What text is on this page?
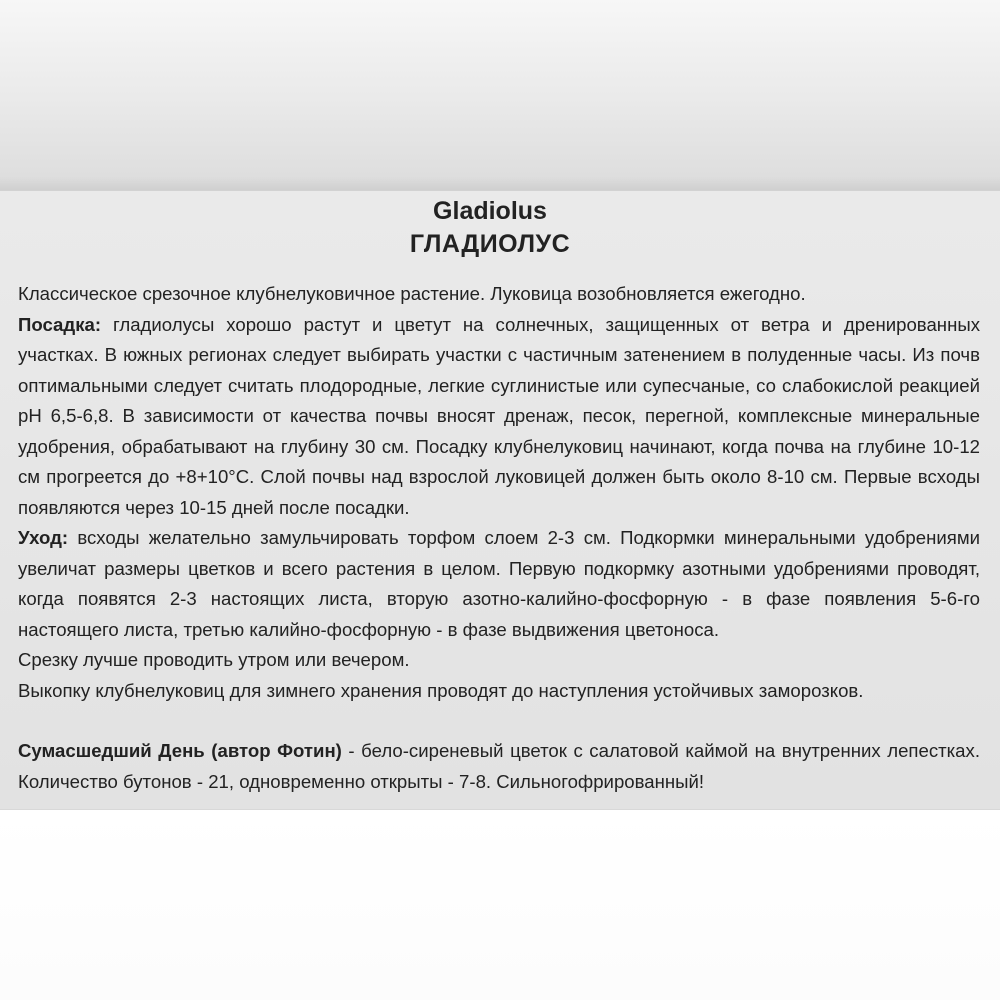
Gladiolus
ГЛАДИОЛУС

Классическое срезочное клубнелуковичное растение. Луковица возобновляется ежегодно.

Посадка: гладиолусы хорошо растут и цветут на солнечных, защищенных от ветра и дренированных участках. В южных регионах следует выбирать участки с частичным затенением в полуденные часы. Из почв оптимальными следует считать плодородные, легкие суглинистые или супесчаные, со слабокислой реакцией рН 6,5-6,8. В зависимости от качества почвы вносят дренаж, песок, перегной, комплексные минеральные удобрения, обрабатывают на глубину 30 см. Посадку клубнелуковиц начинают, когда почва на глубине 10-12 см прогреется до +8+10°С. Слой почвы над взрослой луковицей должен быть около 8-10 см. Первые всходы появляются через 10-15 дней после посадки.

Уход: всходы желательно замульчировать торфом слоем 2-3 см. Подкормки минеральными удобрениями увеличат размеры цветков и всего растения в целом. Первую подкормку азотными удобрениями проводят, когда появятся 2-3 настоящих листа, вторую азотно-калийно-фосфорную - в фазе появления 5-6-го настоящего листа, третью калийно-фосфорную - в фазе выдвижения цветоноса.

Срезку лучше проводить утром или вечером.

Выкопку клубнелуковиц для зимнего хранения проводят до наступления устойчивых заморозков.

Сумасшедший День (автор Фотин) - бело-сиреневый цветок с салатовой каймой на внутренних лепестках. Количество бутонов - 21, одновременно открыты - 7-8. Сильногофрированный!
